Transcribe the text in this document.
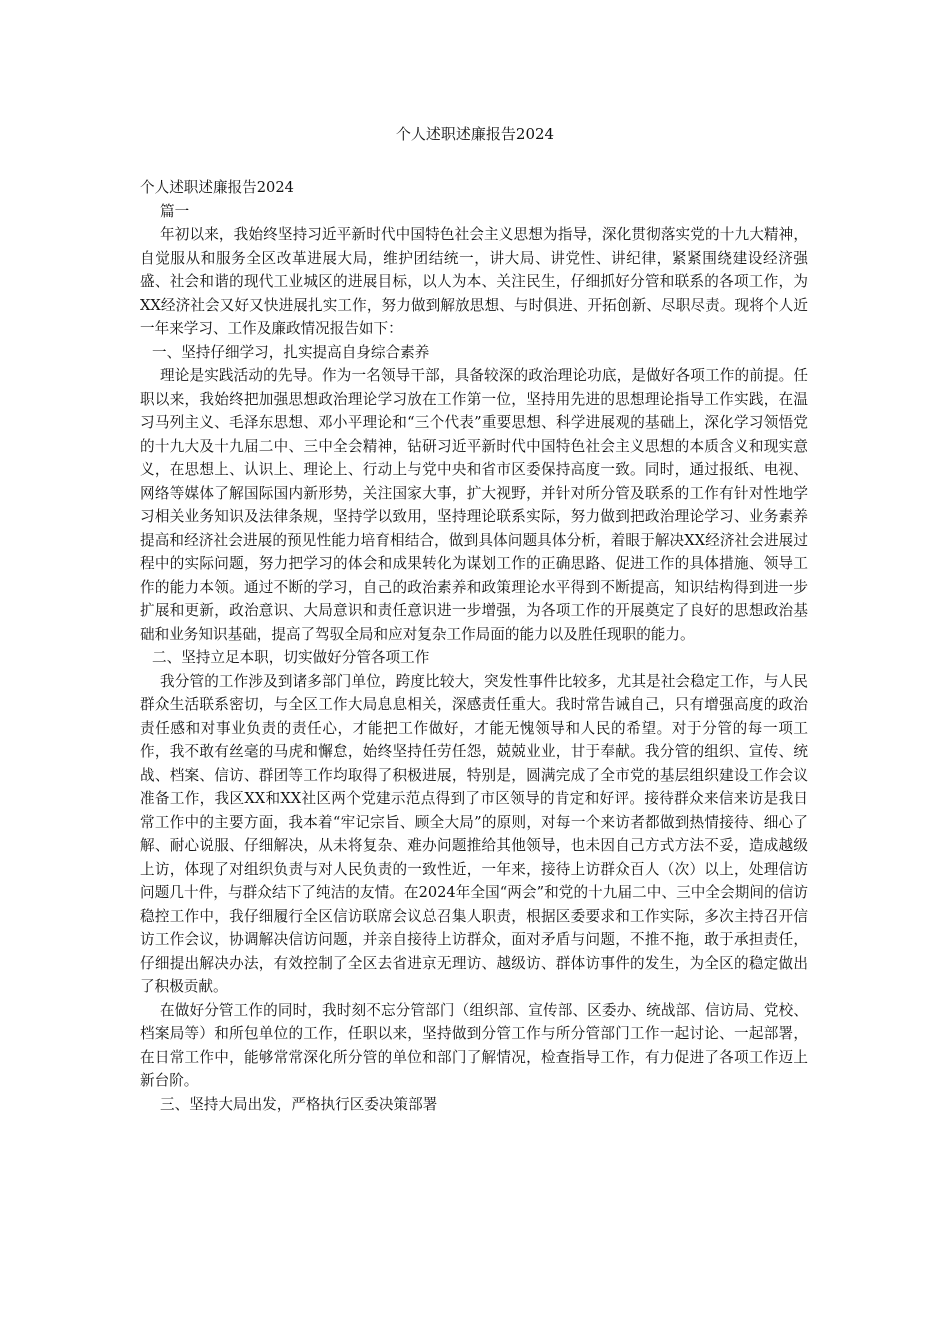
个人述职述廉报告2024

个人述职述廉报告2024

篇一

年初以来，我始终坚持习近平新时代中国特色社会主义思想为指导，深化贯彻落实党的十九大精神，自觉服从和服务全区改革进展大局，维护团结统一，讲大局、讲党性、讲纪律，紧紧围绕建设经济强盛、社会和谐的现代工业城区的进展目标，以人为本、关注民生，仔细抓好分管和联系的各项工作，为XX经济社会又好又快进展扎实工作，努力做到解放思想、与时俱进、开拓创新、尽职尽责。现将个人近一年来学习、工作及廉政情况报告如下：

一、坚持仔细学习，扎实提高自身综合素养

理论是实践活动的先导。作为一名领导干部，具备较深的政治理论功底，是做好各项工作的前提。任职以来，我始终把加强思想政治理论学习放在工作第一位，坚持用先进的思想理论指导工作实践，在温习马列主义、毛泽东思想、邓小平理论和“三个代表”重要思想、科学进展观的基础上，深化学习领悟党的十九大及十九届二中、三中全会精神，钻研习近平新时代中国特色社会主义思想的本质含义和现实意义，在思想上、认识上、理论上、行动上与党中央和省市区委保持高度一致。同时，通过报纸、电视、网络等媒体了解国际国内新形势，关注国家大事，扩大视野，并针对所分管及联系的工作有针对性地学习相关业务知识及法律条规，坚持学以致用，坚持理论联系实际，努力做到把政治理论学习、业务素养提高和经济社会进展的预见性能力培育相结合，做到具体问题具体分析，着眼于解决XX经济社会进展过程中的实际问题，努力把学习的体会和成果转化为谋划工作的正确思路、促进工作的具体措施、领导工作的能力本领。通过不断的学习，自己的政治素养和政策理论水平得到不断提高，知识结构得到进一步扩展和更新，政治意识、大局意识和责任意识进一步增强，为各项工作的开展奠定了良好的思想政治基础和业务知识基础，提高了驾驭全局和应对复杂工作局面的能力以及胜任现职的能力。

二、坚持立足本职，切实做好分管各项工作

我分管的工作涉及到诸多部门单位，跨度比较大，突发性事件比较多，尤其是社会稳定工作，与人民群众生活联系密切，与全区工作大局息息相关，深感责任重大。我时常告诫自己，只有增强高度的政治责任感和对事业负责的责任心，才能把工作做好，才能无愧领导和人民的希望。对于分管的每一项工作，我不敢有丝毫的马虎和懈怠，始终坚持任劳任怨，兢兢业业，甘于奉献。我分管的组织、宣传、统战、档案、信访、群团等工作均取得了积极进展，特别是，圆满完成了全市党的基层组织建设工作会议准备工作，我区XX和XX社区两个党建示范点得到了市区领导的肯定和好评。接待群众来信来访是我日常工作中的主要方面，我本着“牢记宗旨、顾全大局”的原则，对每一个来访者都做到热情接待、细心了解、耐心说服、仔细解决，从未将复杂、难办问题推给其他领导，也未因自己方式方法不妥，造成越级上访，体现了对组织负责与对人民负责的一致性近，一年来，接待上访群众百人（次）以上，处理信访问题几十件，与群众结下了纯洁的友情。在2024年全国“两会”和党的十九届二中、三中全会期间的信访稳控工作中，我仔细履行全区信访联席会议总召集人职责，根据区委要求和工作实际，多次主持召开信访工作会议，协调解决信访问题，并亲自接待上访群众，面对矛盾与问题，不推不拖，敢于承担责任，仔细提出解决办法，有效控制了全区去省进京无理访、越级访、群体访事件的发生，为全区的稳定做出了积极贡献。

在做好分管工作的同时，我时刻不忘分管部门（组织部、宣传部、区委办、统战部、信访局、党校、档案局等）和所包单位的工作，任职以来，坚持做到分管工作与所分管部门工作一起讨论、一起部署，在日常工作中，能够常常深化所分管的单位和部门了解情况，检查指导工作，有力促进了各项工作迈上新台阶。

三、坚持大局出发，严格执行区委决策部署
